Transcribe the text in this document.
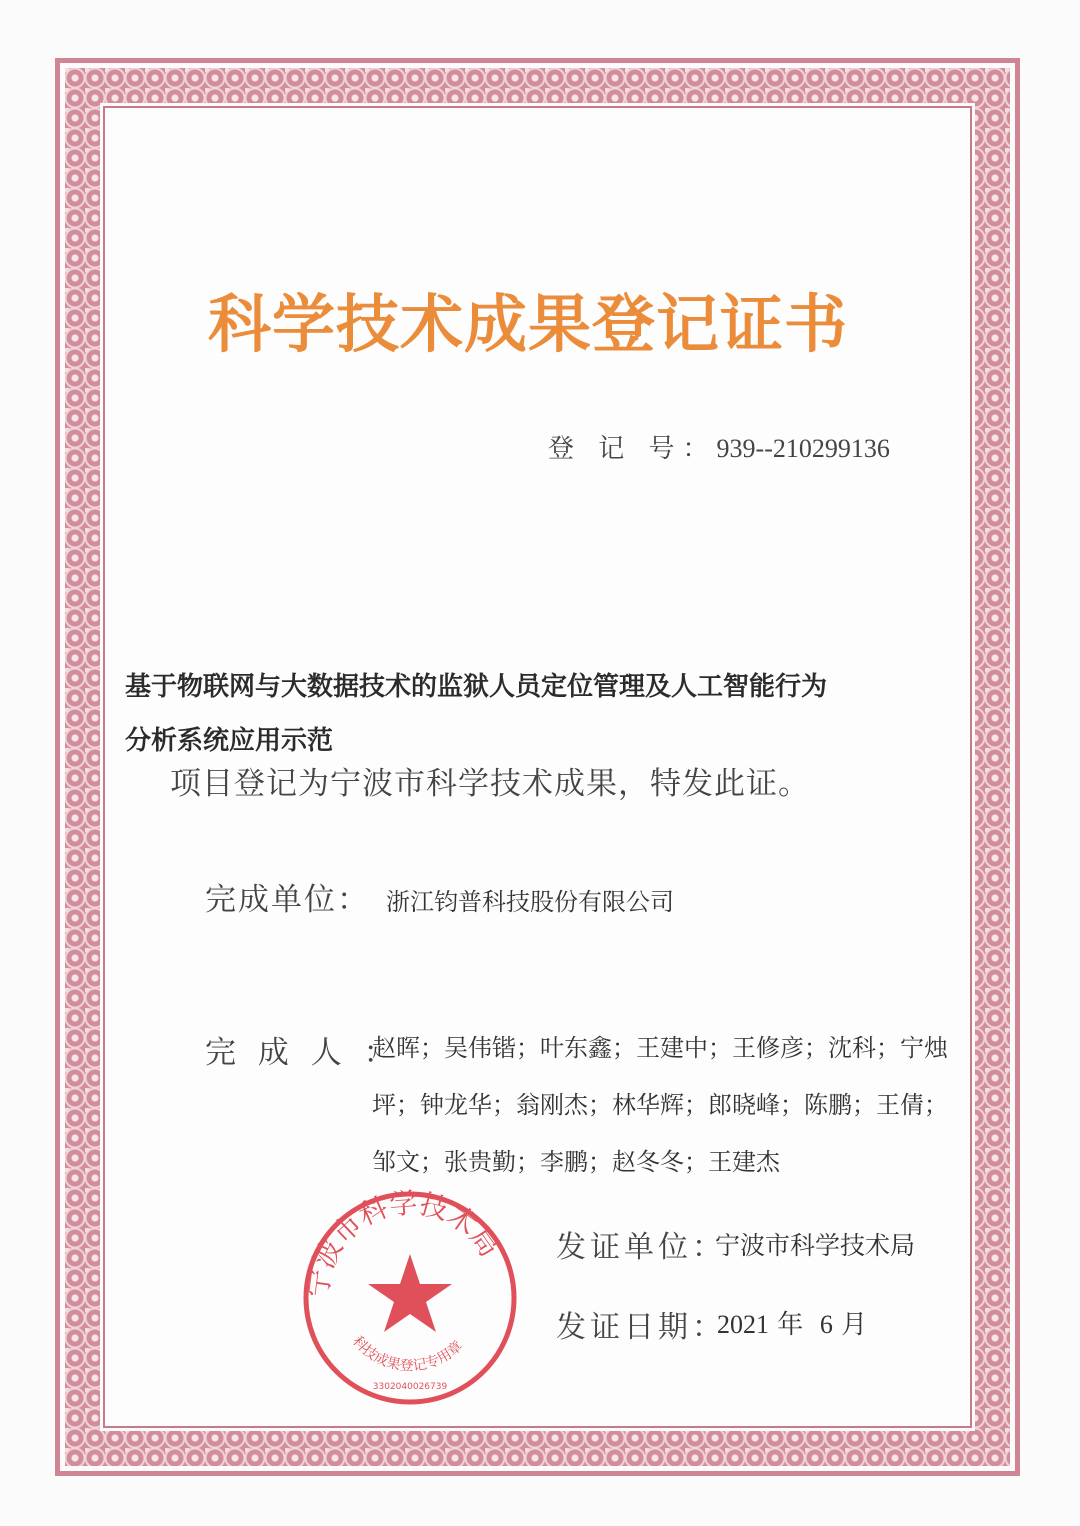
科学技术成果登记证书
登 记 号：939--210299136
基于物联网与大数据技术的监狱人员定位管理及人工智能行为
分析系统应用示范
项目登记为宁波市科学技术成果，特发此证。
完成单位： 浙江钧普科技股份有限公司
完 成 人 ：
赵晖；吴伟锴；叶东鑫；王建中；王修彦；沈科；宁烛
坪；钟龙华；翁刚杰；林华辉；郎晓峰；陈鹏；王倩；
邹文；张贵勤；李鹏；赵冬冬；王建杰
宁波市科学技术局
科技成果登记专用章
3302040026739
发证单位：
宁波市科学技术局
发证日期：
2021 年 6 月
